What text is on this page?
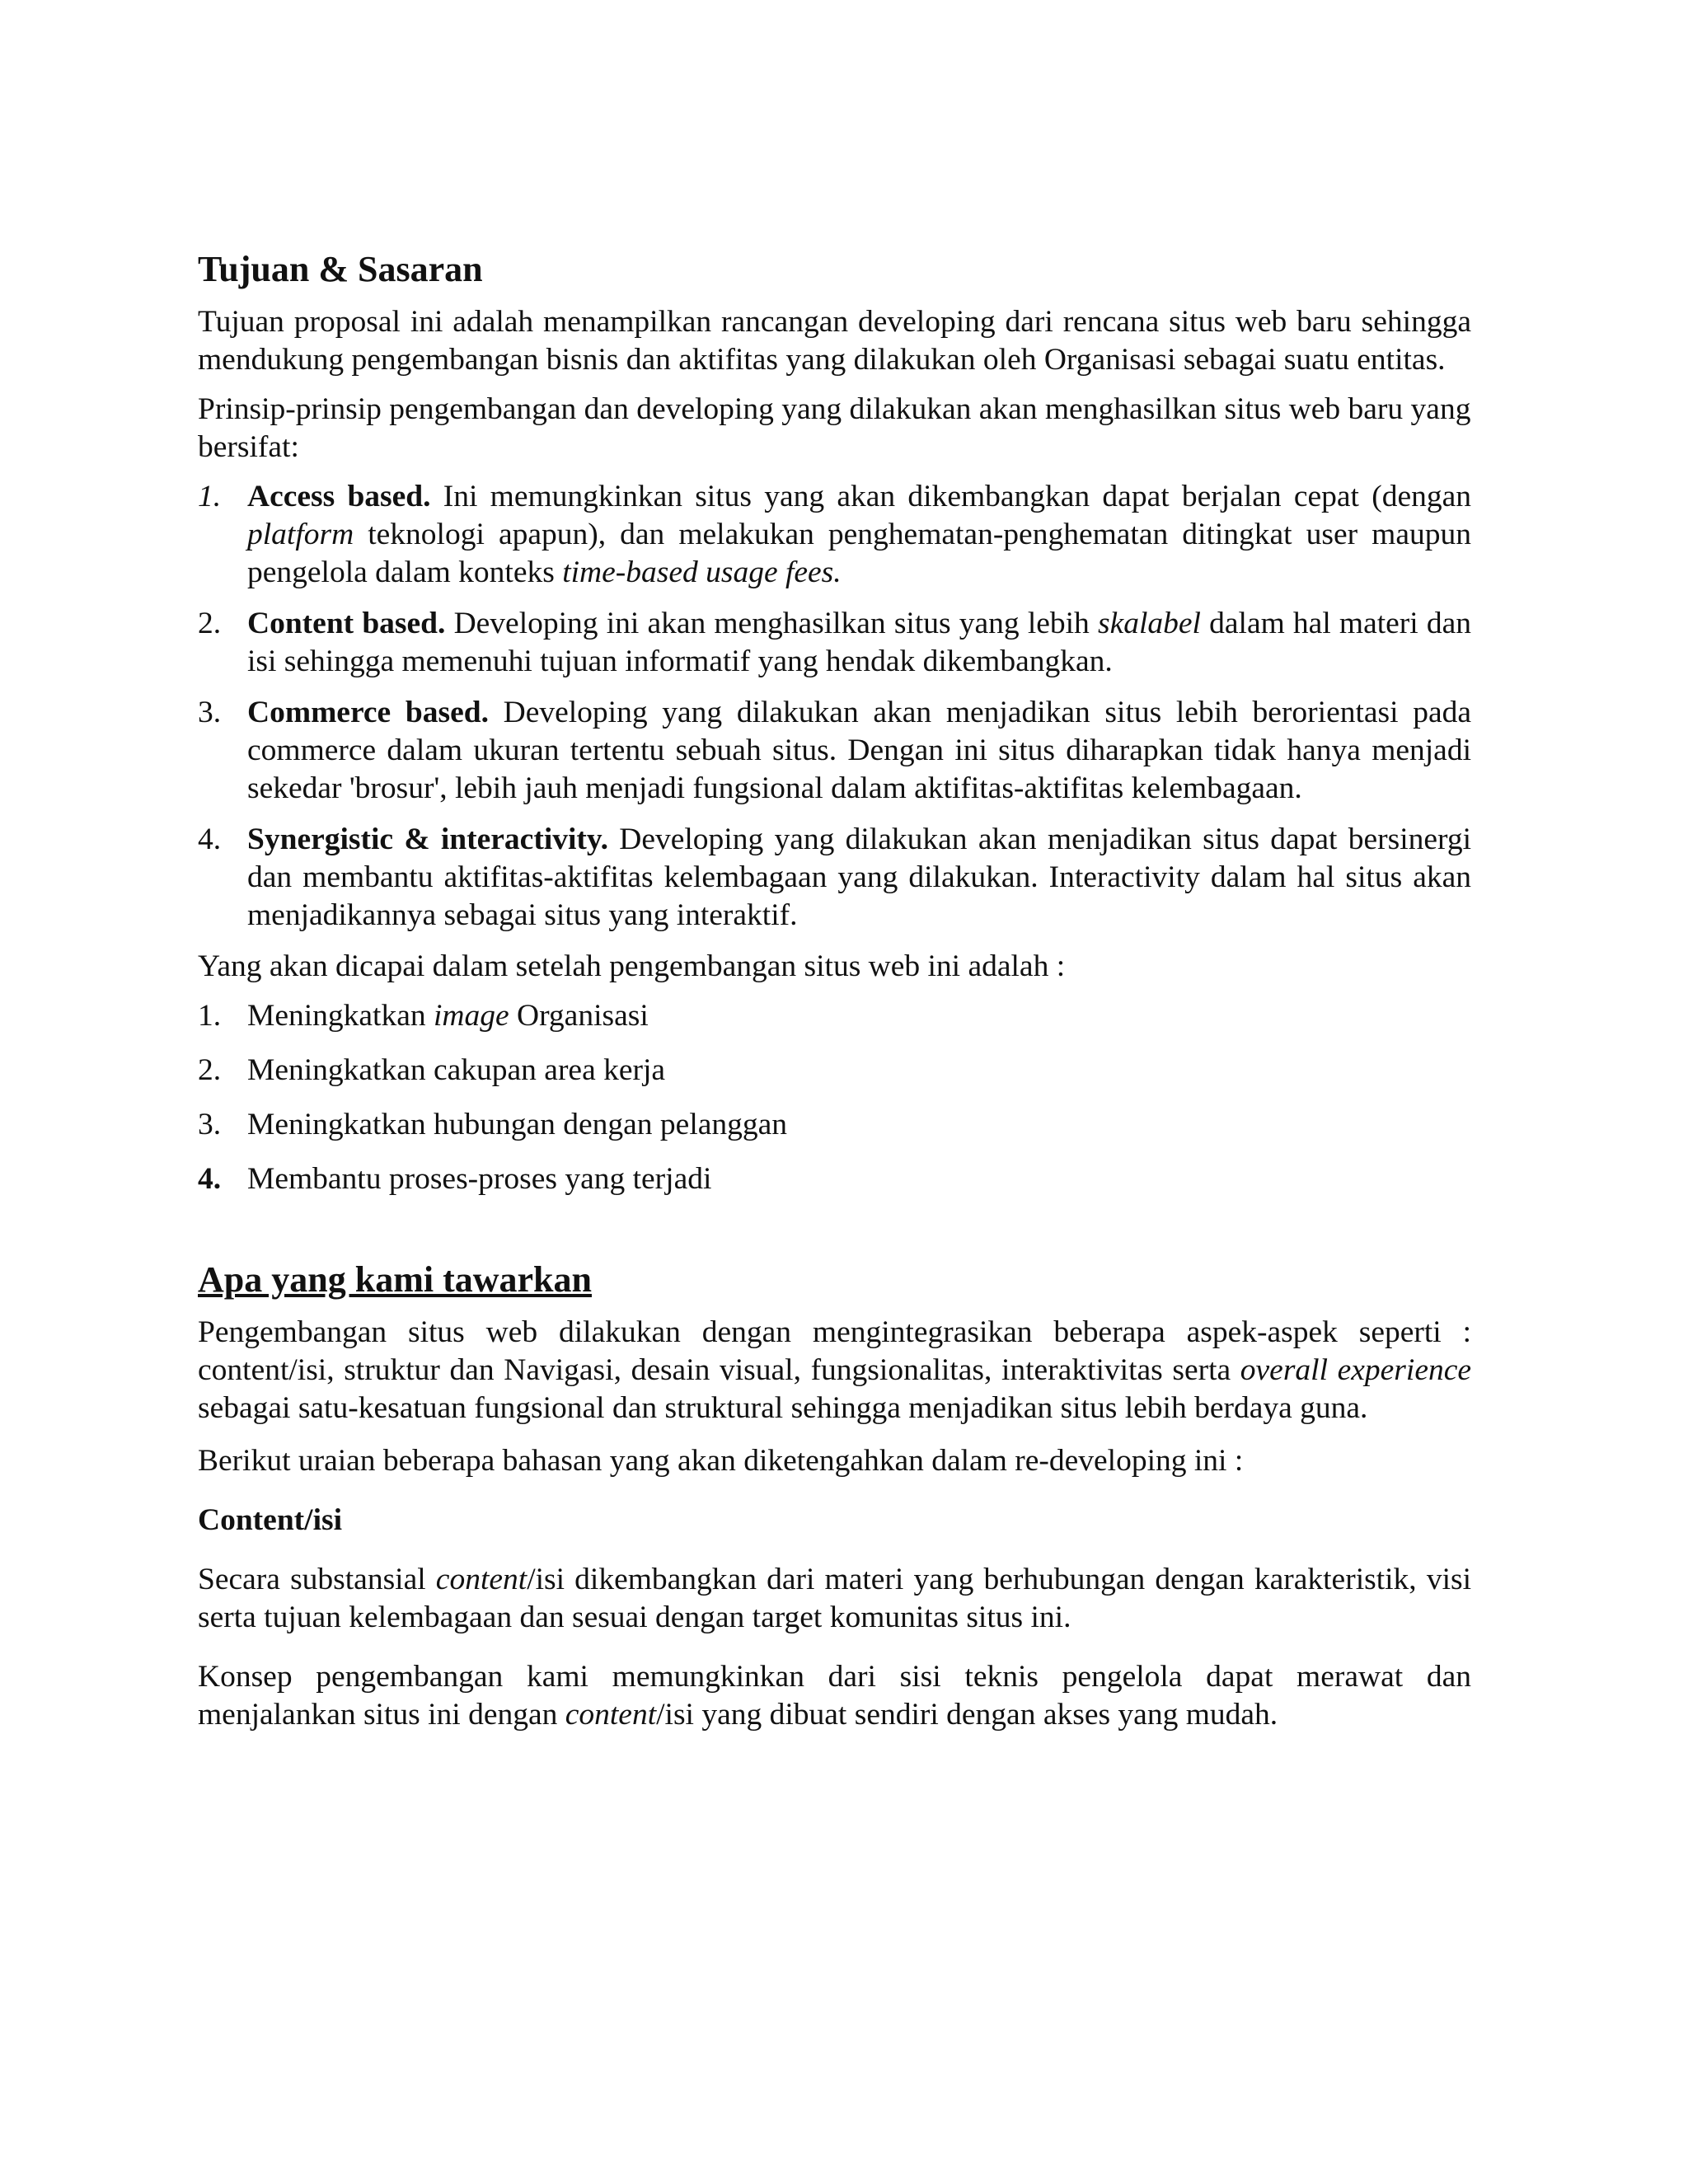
Tujuan & Sasaran

Tujuan proposal ini adalah menampilkan rancangan developing dari rencana situs web baru sehingga mendukung pengembangan bisnis dan aktifitas yang dilakukan oleh Organisasi sebagai suatu entitas.

Prinsip-prinsip pengembangan dan developing yang dilakukan akan menghasilkan situs web baru yang bersifat:

1. Access based. Ini memungkinkan situs yang akan dikembangkan dapat berjalan cepat (dengan platform teknologi apapun), dan melakukan penghematan-penghematan ditingkat user maupun pengelola dalam konteks time-based usage fees.
2. Content based. Developing ini akan menghasilkan situs yang lebih skalabel dalam hal materi dan isi sehingga memenuhi tujuan informatif yang hendak dikembangkan.
3. Commerce based. Developing yang dilakukan akan menjadikan situs lebih berorientasi pada commerce dalam ukuran tertentu sebuah situs. Dengan ini situs diharapkan tidak hanya menjadi sekedar 'brosur', lebih jauh menjadi fungsional dalam aktifitas-aktifitas kelembagaan.
4. Synergistic & interactivity. Developing yang dilakukan akan menjadikan situs dapat bersinergi dan membantu aktifitas-aktifitas kelembagaan yang dilakukan. Interactivity dalam hal situs akan menjadikannya sebagai situs yang interaktif.

Yang akan dicapai dalam setelah pengembangan situs web ini adalah :

1. Meningkatkan image Organisasi
2. Meningkatkan cakupan area kerja
3. Meningkatkan hubungan dengan pelanggan
4. Membantu proses-proses yang terjadi
Apa yang kami tawarkan

Pengembangan situs web dilakukan dengan mengintegrasikan beberapa aspek-aspek seperti : content/isi, struktur dan Navigasi, desain visual, fungsionalitas, interaktivitas serta overall experience sebagai satu-kesatuan fungsional dan struktural sehingga menjadikan situs lebih berdaya guna.

Berikut uraian beberapa bahasan yang akan diketengahkan dalam re-developing ini :

Content/isi

Secara substansial content/isi dikembangkan dari materi yang berhubungan dengan karakteristik, visi serta tujuan kelembagaan dan sesuai dengan target komunitas situs ini.

Konsep pengembangan kami memungkinkan dari sisi teknis pengelola dapat merawat dan menjalankan situs ini dengan content/isi yang dibuat sendiri dengan akses yang mudah.
